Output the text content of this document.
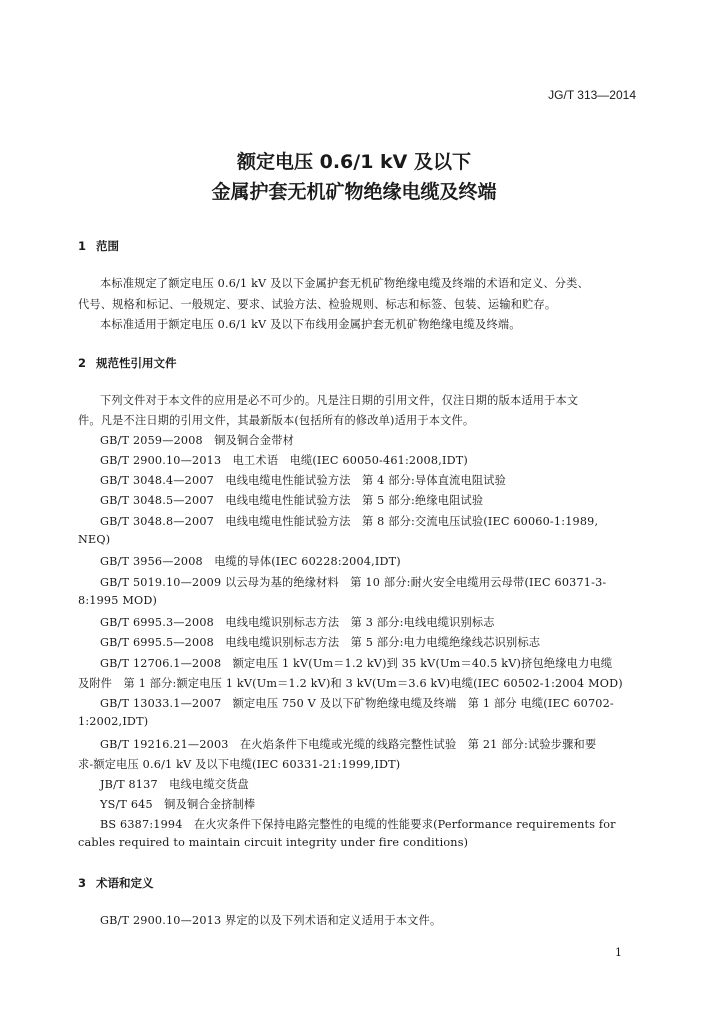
JG/T 313—2014
额定电压 0.6/1 kV 及以下
金属护套无机矿物绝缘电缆及终端
1 范围
本标准规定了额定电压 0.6/1 kV 及以下金属护套无机矿物绝缘电缆及终端的术语和定义、分类、
代号、规格和标记、一般规定、要求、试验方法、检验规则、标志和标签、包装、运输和贮存。
本标准适用于额定电压 0.6/1 kV 及以下布线用金属护套无机矿物绝缘电缆及终端。
2 规范性引用文件
下列文件对于本文件的应用是必不可少的。凡是注日期的引用文件，仅注日期的版本适用于本文
件。凡是不注日期的引用文件，其最新版本(包括所有的修改单)适用于本文件。
GB/T 2059—2008　铜及铜合金带材
GB/T 2900.10—2013　电工术语　电缆(IEC 60050-461:2008,IDT)
GB/T 3048.4—2007　电线电缆电性能试验方法　第 4 部分:导体直流电阻试验
GB/T 3048.5—2007　电线电缆电性能试验方法　第 5 部分:绝缘电阻试验
GB/T 3048.8—2007　电线电缆电性能试验方法　第 8 部分:交流电压试验(IEC 60060-1:1989,
NEQ)
GB/T 3956—2008　电缆的导体(IEC 60228:2004,IDT)
GB/T 5019.10—2009 以云母为基的绝缘材料　第 10 部分:耐火安全电缆用云母带(IEC 60371-3-
8:1995 MOD)
GB/T 6995.3—2008　电线电缆识别标志方法　第 3 部分:电线电缆识别标志
GB/T 6995.5—2008　电线电缆识别标志方法　第 5 部分:电力电缆绝缘线芯识别标志
GB/T 12706.1—2008　额定电压 1 kV(Um＝1.2 kV)到 35 kV(Um＝40.5 kV)挤包绝缘电力电缆
及附件　第 1 部分:额定电压 1 kV(Um＝1.2 kV)和 3 kV(Um＝3.6 kV)电缆(IEC 60502-1:2004 MOD)
GB/T 13033.1—2007　额定电压 750 V 及以下矿物绝缘电缆及终端　第 1 部分 电缆(IEC 60702-
1:2002,IDT)
GB/T 19216.21—2003　在火焰条件下电缆或光缆的线路完整性试验　第 21 部分:试验步骤和要
求-额定电压 0.6/1 kV 及以下电缆(IEC 60331-21:1999,IDT)
JB/T 8137　电线电缆交货盘
YS/T 645　铜及铜合金挤制棒
BS 6387:1994　在火灾条件下保持电路完整性的电缆的性能要求(Performance requirements for
cables required to maintain circuit integrity under fire conditions)
3 术语和定义
GB/T 2900.10—2013 界定的以及下列术语和定义适用于本文件。
1
